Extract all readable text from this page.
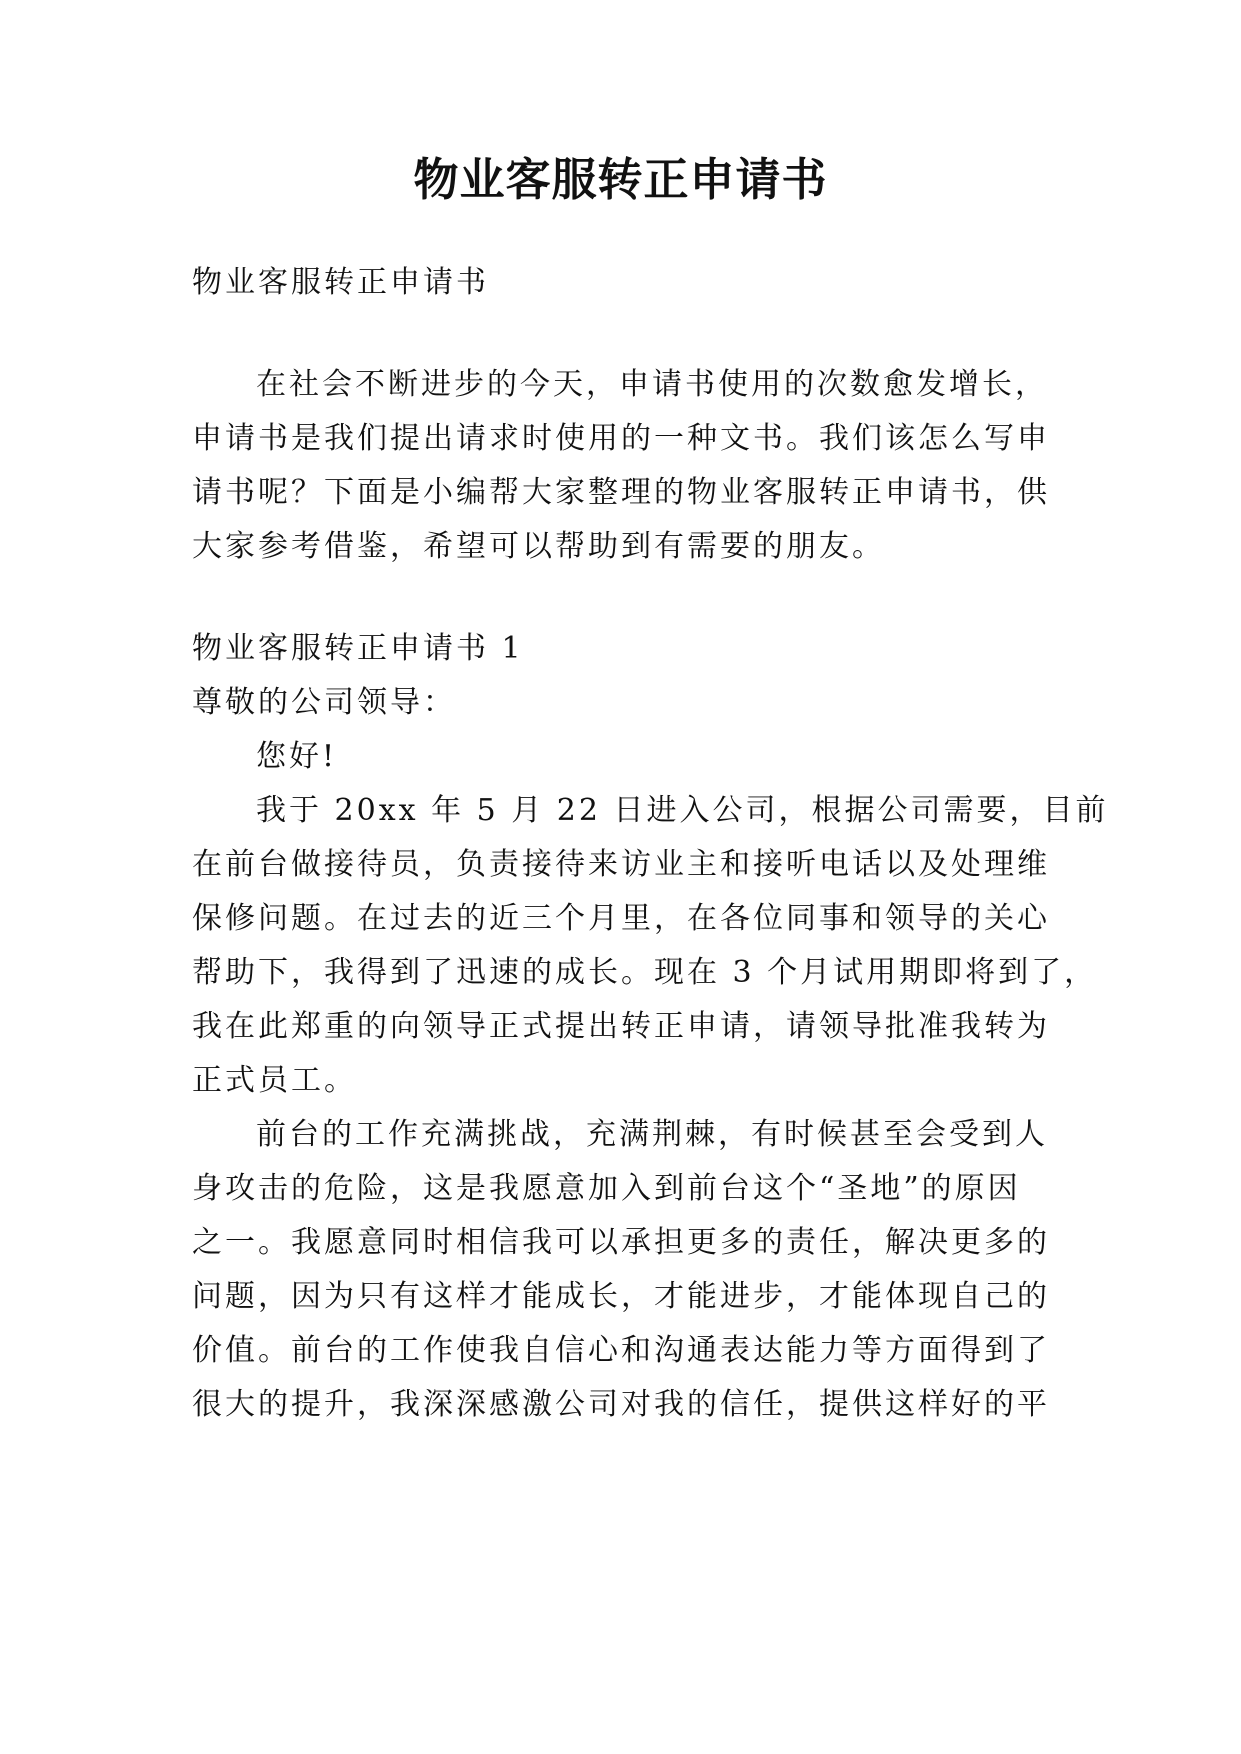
物业客服转正申请书
物业客服转正申请书
在社会不断进步的今天，申请书使用的次数愈发增长，
申请书是我们提出请求时使用的一种文书。我们该怎么写申
请书呢？下面是小编帮大家整理的物业客服转正申请书，供
大家参考借鉴，希望可以帮助到有需要的朋友。
物业客服转正申请书 1
尊敬的公司领导：
您好!
我于 20xx 年 5 月 22 日进入公司，根据公司需要，目前
在前台做接待员，负责接待来访业主和接听电话以及处理维
保修问题。在过去的近三个月里，在各位同事和领导的关心
帮助下，我得到了迅速的成长。现在 3 个月试用期即将到了，
我在此郑重的向领导正式提出转正申请，请领导批准我转为
正式员工。
前台的工作充满挑战，充满荆棘，有时候甚至会受到人
身攻击的危险，这是我愿意加入到前台这个“圣地”的原因
之一。我愿意同时相信我可以承担更多的责任，解决更多的
问题，因为只有这样才能成长，才能进步，才能体现自己的
价值。前台的工作使我自信心和沟通表达能力等方面得到了
很大的提升，我深深感激公司对我的信任，提供这样好的平
